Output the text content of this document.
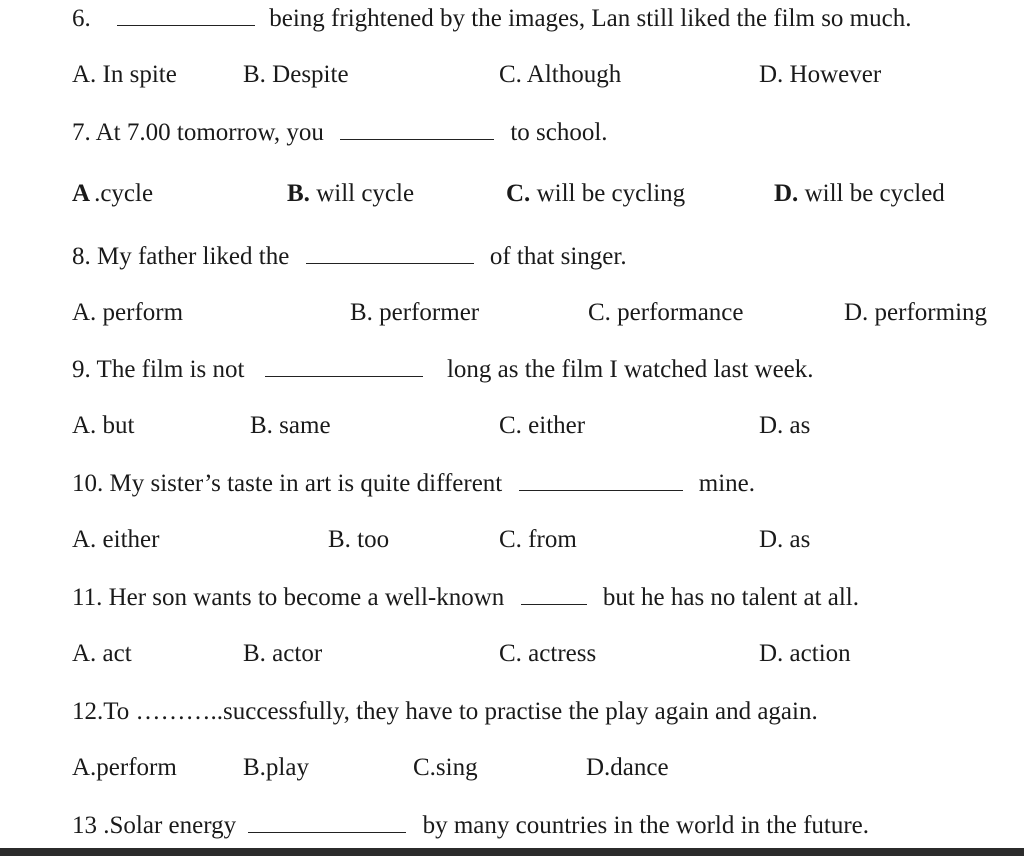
6.	being frightened by the images, Lan still liked the film so much.
A. In spite	B. Despite	C. Although	D. However
7. At 7.00 tomorrow, you	to school.
A .cycle	B. will cycle	C. will be cycling	D. will be cycled
8. My father liked the	of that singer.
A. perform	B. performer	C. performance	D. performing
9. The film is not	long as the film I watched last week.
A. but	B. same	C. either	D. as
10. My sister’s taste in art is quite different	mine.
A. either	B. too	C. from	D. as
11. Her son wants to become a well-known	but he has no talent at all.
A. act	B. actor	C. actress	D. action
12.To ………..successfully, they have to practise the play again and again.
A.perform	B.play	C.sing	D.dance
13 .Solar energy	by many countries in the world in the future.
